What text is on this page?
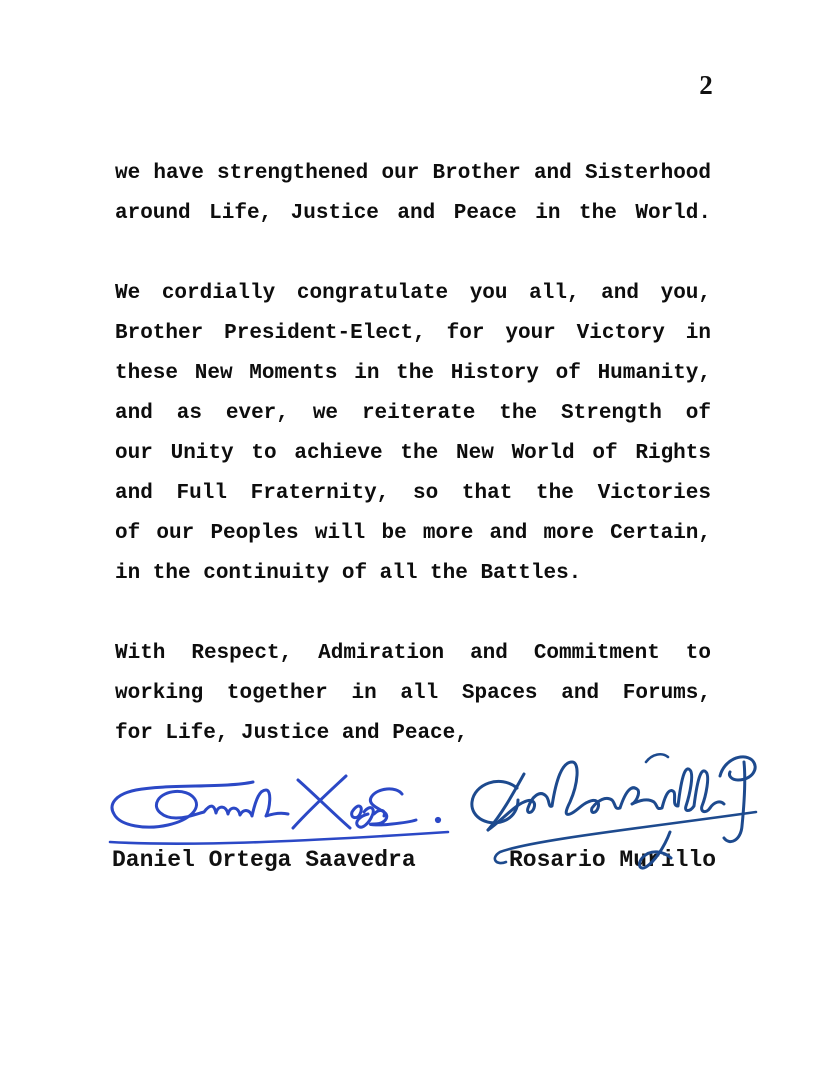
2
we have strengthened our Brother and Sisterhood
around Life, Justice and Peace in the World.
We cordially congratulate you all, and you,
Brother President-Elect, for your Victory in
these New Moments in the History of Humanity,
and as ever, we reiterate the Strength of
our Unity to achieve the New World of Rights
and Full Fraternity, so that the Victories
of our Peoples will be more and more Certain,
in the continuity of all the Battles.
With Respect, Admiration and Commitment to
working together in all Spaces and Forums,
for Life, Justice and Peace,
Daniel Ortega Saavedra	Rosario Murillo
